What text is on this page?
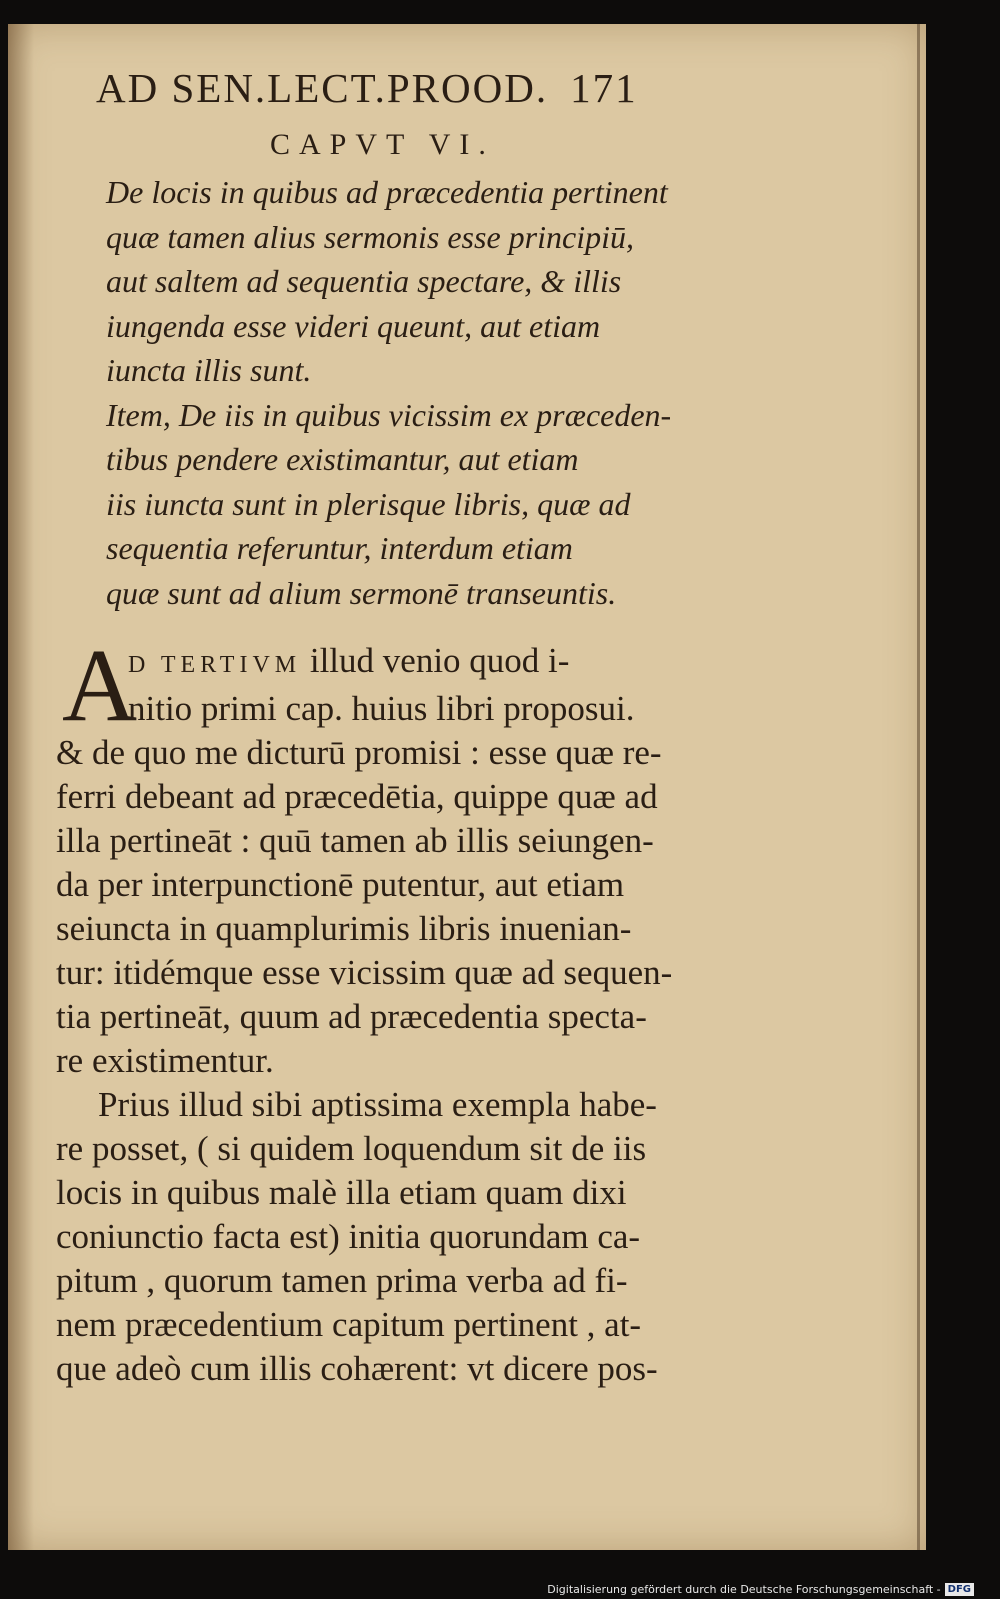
AD SEN.LECT.PROOD. 171
CAPVT VI.
De locis in quibus ad præcedentia pertinent
quæ tamen alius sermonis esse principiū,
aut saltem ad sequentia spectare, & illis
iungenda esse videri queunt, aut etiam
iuncta illis sunt.
Item, De iis in quibus vicissim ex præceden-
tibus pendere existimantur, aut etiam
iis iuncta sunt in plerisque libris, quæ ad
sequentia referuntur, interdum etiam
quæ sunt ad alium sermonē transeuntis.
A
D TERTIVM illud venio quod i-
nitio primi cap. huius libri proposui.
& de quo me dicturū promisi : esse quæ re-
ferri debeant ad præcedētia, quippe quæ ad
illa pertineāt : quū tamen ab illis seiungen-
da per interpunctionē putentur, aut etiam
seiuncta in quamplurimis libris inuenian-
tur: itidémque esse vicissim quæ ad sequen-
tia pertineāt, quum ad præcedentia specta-
re existimentur.
Prius illud sibi aptissima exempla habe-
re posset, ( si quidem loquendum sit de iis
locis in quibus malè illa etiam quam dixi
coniunctio facta est) initia quorundam ca-
pitum , quorum tamen prima verba ad fi-
nem præcedentium capitum pertinent , at-
que adeò cum illis cohærent: vt dicere pos-
Digitalisierung gefördert durch die Deutsche Forschungsgemeinschaft - DFG
